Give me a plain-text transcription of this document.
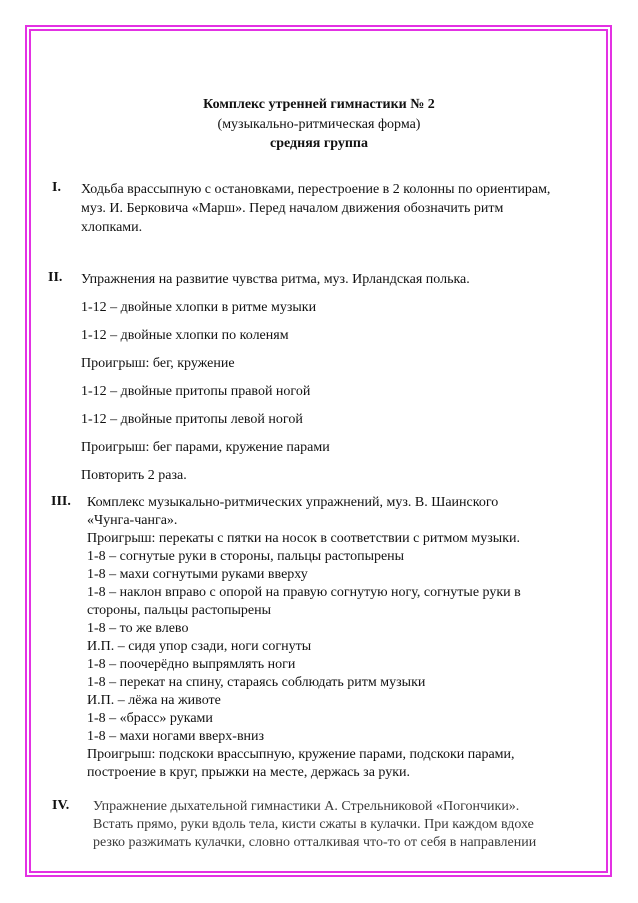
Комплекс утренней гимнастики № 2
(музыкально-ритмическая форма)
средняя группа
I. Ходьба врассыпную с остановками, перестроение в 2 колонны по ориентирам,
муз. И. Берковича «Марш». Перед началом движения обозначить ритм
хлопками.
II. Упражнения на развитие чувства ритма, муз. Ирландская полька.
1-12 – двойные хлопки в ритме музыки
1-12 – двойные хлопки по коленям
Проигрыш: бег, кружение
1-12 – двойные притопы правой ногой
1-12 – двойные притопы левой ногой
Проигрыш: бег парами, кружение парами
Повторить 2 раза.
III. Комплекс музыкально-ритмических упражнений, муз. В. Шаинского
«Чунга-чанга».
Проигрыш: перекаты с пятки на носок в соответствии с ритмом музыки.
1-8 – согнутые руки в стороны, пальцы растопырены
1-8 – махи согнутыми руками вверху
1-8 – наклон вправо с опорой на правую согнутую ногу, согнутые руки в
стороны, пальцы растопырены
1-8 – то же влево
И.П. – сидя упор сзади, ноги согнуты
1-8 – поочерёдно выпрямлять ноги
1-8 – перекат на спину, стараясь соблюдать ритм музыки
И.П. – лёжа на животе
1-8 – «брасс» руками
1-8 – махи ногами вверх-вниз
Проигрыш: подскоки врассыпную, кружение парами, подскоки парами,
построение в круг, прыжки на месте, держась за руки.
IV. Упражнение дыхательной гимнастики А. Стрельниковой «Погончики».
Встать прямо, руки вдоль тела, кисти сжаты в кулачки. При каждом вдохе
резко разжимать кулачки, словно отталкивая что-то от себя в направлении
